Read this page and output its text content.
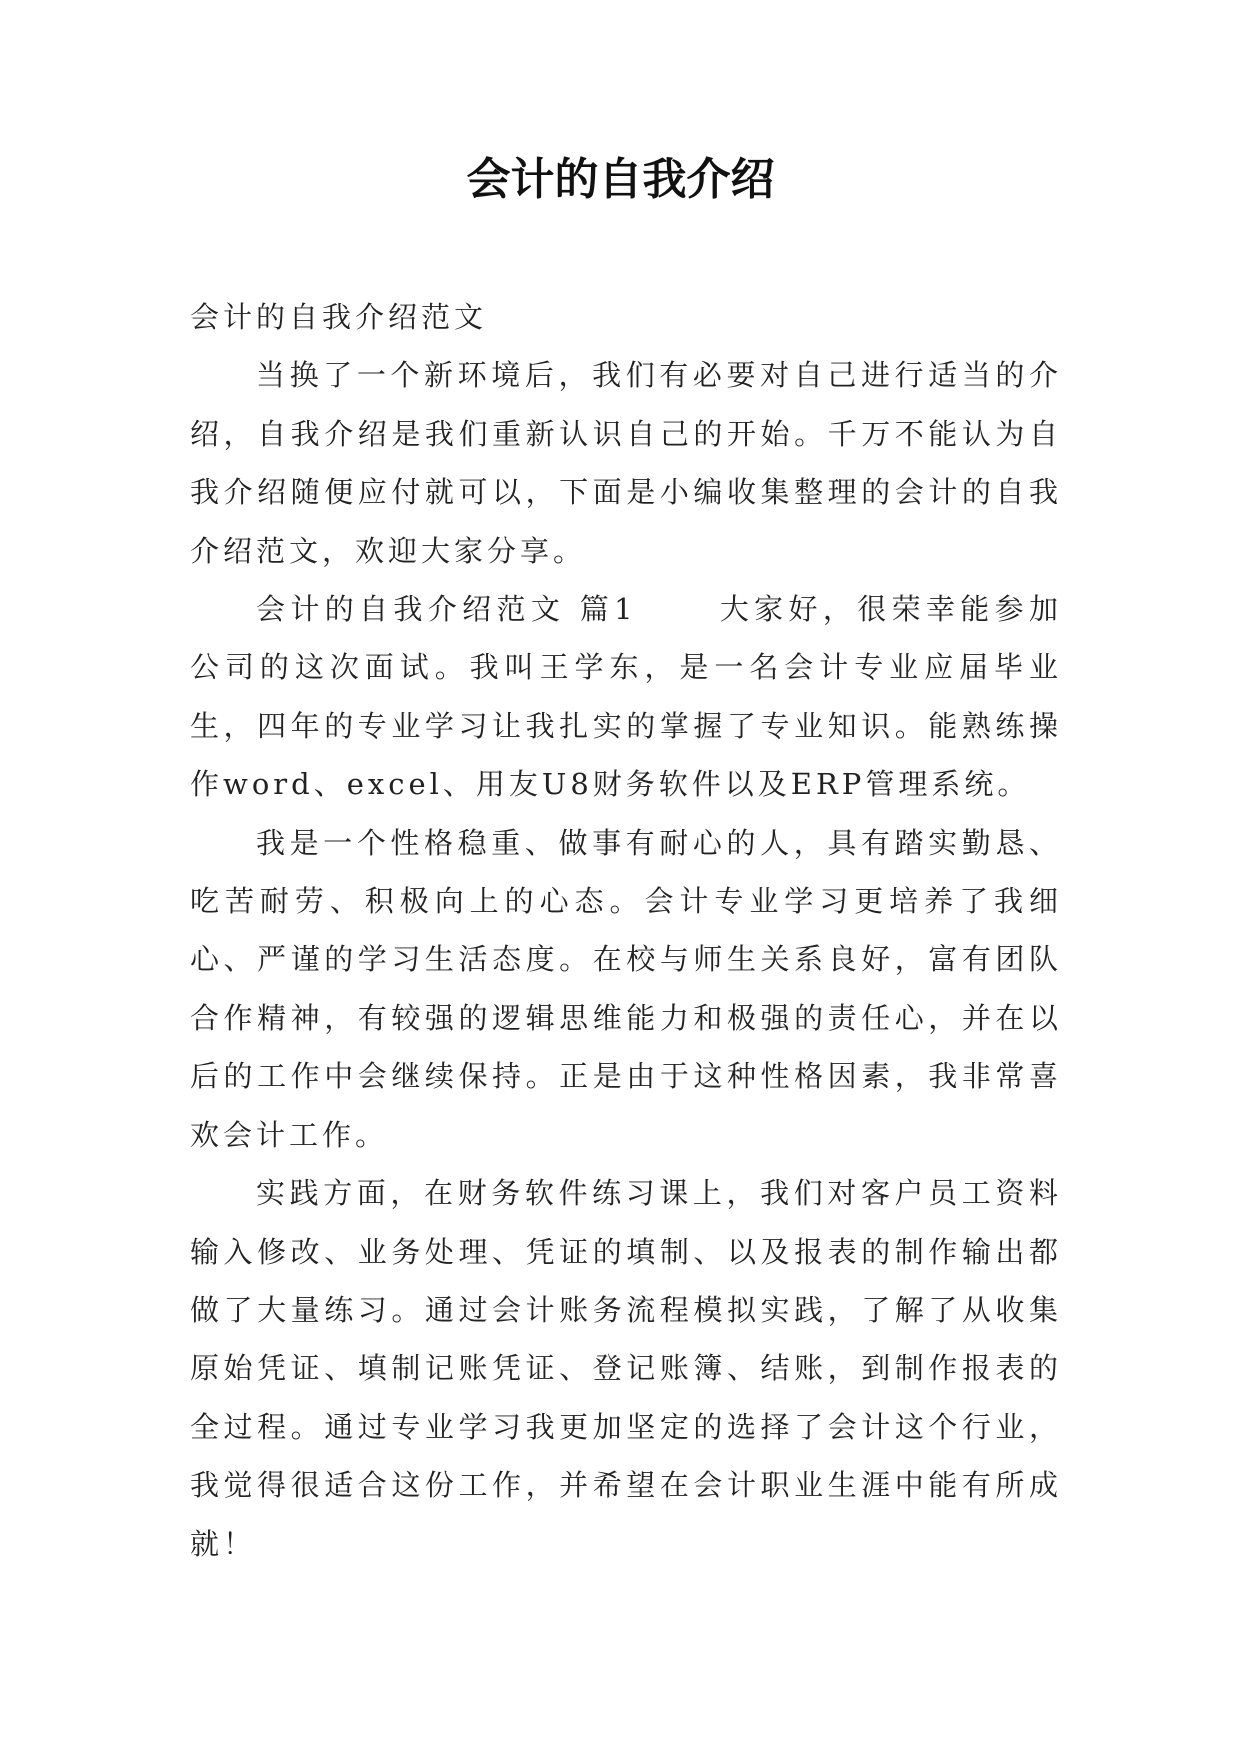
会计的自我介绍

会计的自我介绍范文

当换了一个新环境后，我们有必要对自己进行适当的介绍，自我介绍是我们重新认识自己的开始。千万不能认为自我介绍随便应付就可以，下面是小编收集整理的会计的自我介绍范文，欢迎大家分享。

会计的自我介绍范文 篇1 　　大家好，很荣幸能参加公司的这次面试。我叫王学东，是一名会计专业应届毕业生，四年的专业学习让我扎实的掌握了专业知识。能熟练操作word、excel、用友U8财务软件以及ERP管理系统。

我是一个性格稳重、做事有耐心的人，具有踏实勤恳、吃苦耐劳、积极向上的心态。会计专业学习更培养了我细心、严谨的学习生活态度。在校与师生关系良好，富有团队合作精神，有较强的逻辑思维能力和极强的责任心，并在以后的工作中会继续保持。正是由于这种性格因素，我非常喜欢会计工作。

实践方面，在财务软件练习课上，我们对客户员工资料输入修改、业务处理、凭证的填制、以及报表的制作输出都做了大量练习。通过会计账务流程模拟实践，了解了从收集原始凭证、填制记账凭证、登记账簿、结账，到制作报表的全过程。通过专业学习我更加坚定的选择了会计这个行业，我觉得很适合这份工作，并希望在会计职业生涯中能有所成就！
